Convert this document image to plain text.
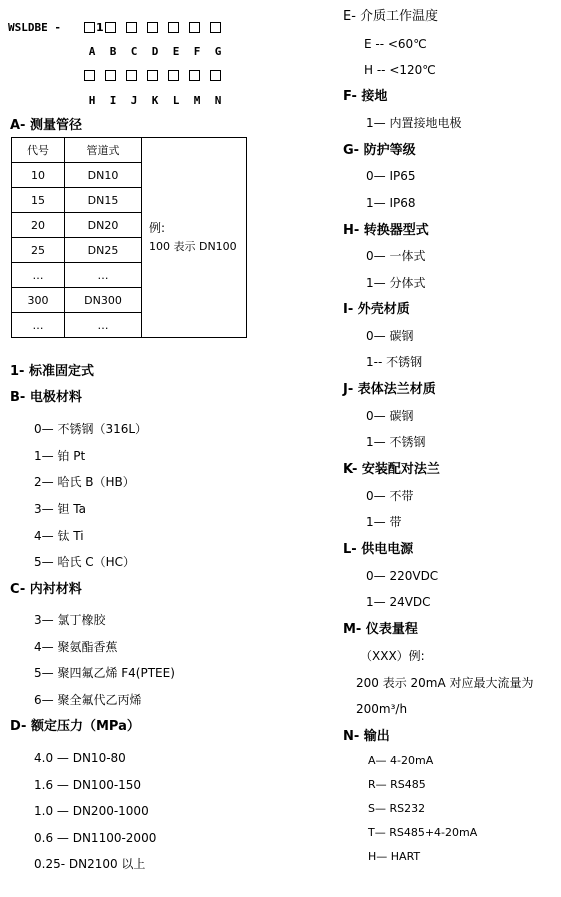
WSLDBE -	1
A	B	C	D	E	F	G
H	I	J	K	L	M	N
A- 测量管径
代号	管道式	例:
100 表示 DN100

10	DN10	
15	DN15	
20	DN20	
25	DN25	
…	…	
300	DN300	
…	…	
1- 标准固定式
B- 电极材料
0— 不锈钢（316L）
1— 铂 Pt
2— 哈氏 B（HB）
3— 钽 Ta
4— 钛 Ti
5— 哈氏 C（HC）
C- 内衬材料
3— 氯丁橡胶
4— 聚氨酯香蕉
5— 聚四氟乙烯 F4(PTEE)
6— 聚全氟代乙丙烯
D- 额定压力（MPa）
4.0 — DN10-80
1.6 — DN100-150
1.0 — DN200-1000
0.6 — DN1100-2000
0.25- DN2100 以上
E- 介质工作温度
E -- <60℃
H -- <120℃
F- 接地
1— 内置接地电极
G- 防护等级
0— IP65
1— IP68
H- 转换器型式
0— 一体式
1— 分体式
I- 外壳材质
0— 碳钢
1-- 不锈钢
J- 表体法兰材质
0— 碳钢
1— 不锈钢
K- 安装配对法兰
0— 不带
1— 带
L- 供电电源
0— 220VDC
1— 24VDC
M- 仪表量程
（XXX）例:
200 表示 20mA 对应最大流量为
200m³/h
N- 输出
A— 4-20mA
R— RS485
S— RS232
T— RS485+4-20mA
H— HART
